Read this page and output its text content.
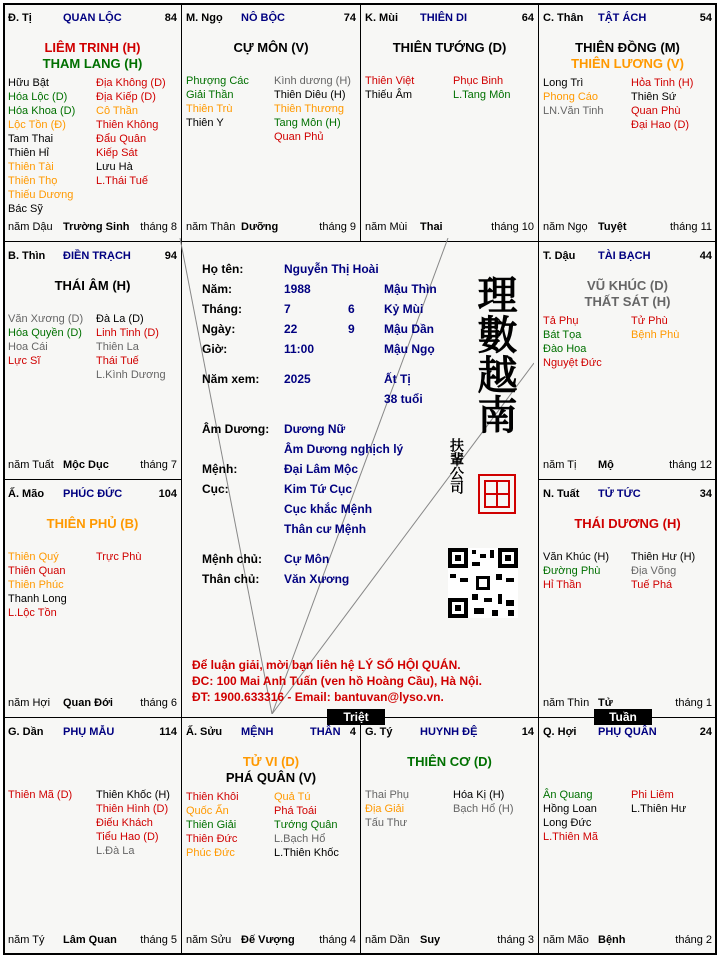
Đ. Tị	QUAN LỘC	84
LIÊM TRINH (H)
THAM LANG (H)
Hữu Bật
Hóa Lộc (D)
Hóa Khoa (D)
Lộc Tồn (Đ)
Tam Thai
Thiên Hỉ
Thiên Tài
Thiên Thọ
Thiếu Dương
Bác Sỹ
Địa Không (D)
Địa Kiếp (D)
Cô Thần
Thiên Không
Đẩu Quân
Kiếp Sát
Lưu Hà
L.Thái Tuế
năm Dậu Trường Sinh tháng 8
M. Ngọ NÔ BỘC	74
CỰ MÔN (V)
Phượng Các
Giải Thần
Thiên Trù
Thiên Y
Kình dương (H)
Thiên Diêu (H)
Thiên Thương
Tang Môn (H)
Quan Phủ
năm Thân Dưỡng	tháng 9
K. Mùi THIÊN DI	64
THIÊN TƯỚNG (D)
Thiên Việt
Thiếu Âm
Phục Binh
L.Tang Môn
năm Mùi Thai	tháng 10
C. Thân TẬT ÁCH	54
THIÊN ĐỒNG (M)
THIÊN LƯƠNG (V)
Long Trì
Phong Cáo
LN.Văn Tinh
Hỏa Tinh (H)
Thiên Sứ
Quan Phù
Đại Hao (D)
năm Ngọ Tuyệt	tháng 11
B. Thìn ĐIỀN TRẠCH	94
THÁI ÂM (H)
Văn Xương (D)
Hóa Quyền (D)
Hoa Cái
Lực Sĩ
Đà La (D)
Linh Tinh (D)
Thiên La
Thái Tuế
L.Kình Dương
năm Tuất Mộc Dục	tháng 7
T. Dậu TÀI BẠCH	44
VŨ KHÚC (D)
THẤT SÁT (H)
Tả Phụ
Bát Tọa
Đào Hoa
Nguyệt Đức
Tử Phù
Bệnh Phù
năm Tị Mộ	tháng 12
Ấ. Mão PHÚC ĐỨC	104
THIÊN PHỦ (B)
Thiên Quý
Thiên Quan
Thiên Phúc
Thanh Long
L.Lộc Tồn
Trực Phù
năm Hợi Quan Đới tháng 6
N. Tuất TỬ TỨC	34
THÁI DƯƠNG (H)
Văn Khúc (H)
Đường Phù
Hỉ Thần
Thiên Hư (H)
Địa Võng
Tuế Phá
năm Thìn Tử	tháng 1
G. Dần PHỤ MẪU	114
Thiên Mã (D)	Thiên Khốc (H)
Thiên Hình (D)
Điếu Khách
Tiểu Hao (D)
L.Đà La
năm Tý Lâm Quan tháng 5
Ấ. Sửu MỆNH	THÂN 4
TỬ VI (D)
PHÁ QUÂN (V)
Thiên Khôi
Quốc Ấn
Thiên Giải
Thiên Đức
Phúc Đức
Quả Tú
Phá Toái
Tướng Quân
L.Bạch Hổ
L.Thiên Khốc
năm Sửu Đế Vượng tháng 4
G. Tý HUYNH ĐỆ	14
THIÊN CƠ (D)
Thai Phụ
Địa Giải
Tấu Thư
Hóa Kị (H)
Bạch Hổ (H)
năm Dần Suy	tháng 3
Q. Hợi PHỤ QUÂN	24
Ân Quang
Hồng Loan
Long Đức
L.Thiên Mã
Phi Liêm
L.Thiên Hư
năm Mão Bệnh	tháng 2
Họ tên:	Nguyễn Thị Hoài
Năm:	1988	Mậu Thìn
Tháng:	7	6 Kỷ Mùi
Ngày:	22	9 Mậu Dần
Giờ:	11:00	Mậu Ngọ
Năm xem: 2025	Ất Tị
38 tuổi
Âm Dương: Dương Nữ
Âm Dương nghịch lý
Mệnh:	Đại Lâm Mộc
Cục:	Kim Tứ Cục
Cục khắc Mệnh
Thân cư Mệnh
Mệnh chủ: Cự Môn
Thân chủ: Văn Xương
理數越南
扶輩公司
Để luận giải, mời bạn liên hệ LÝ SỐ HỘI QUÁN.
ĐC: 100 Mai Anh Tuấn (ven hồ Hoàng Cầu), Hà Nội.
ĐT: 1900.633316 - Email: bantuvan@lyso.vn.
Triệt	Tuần
